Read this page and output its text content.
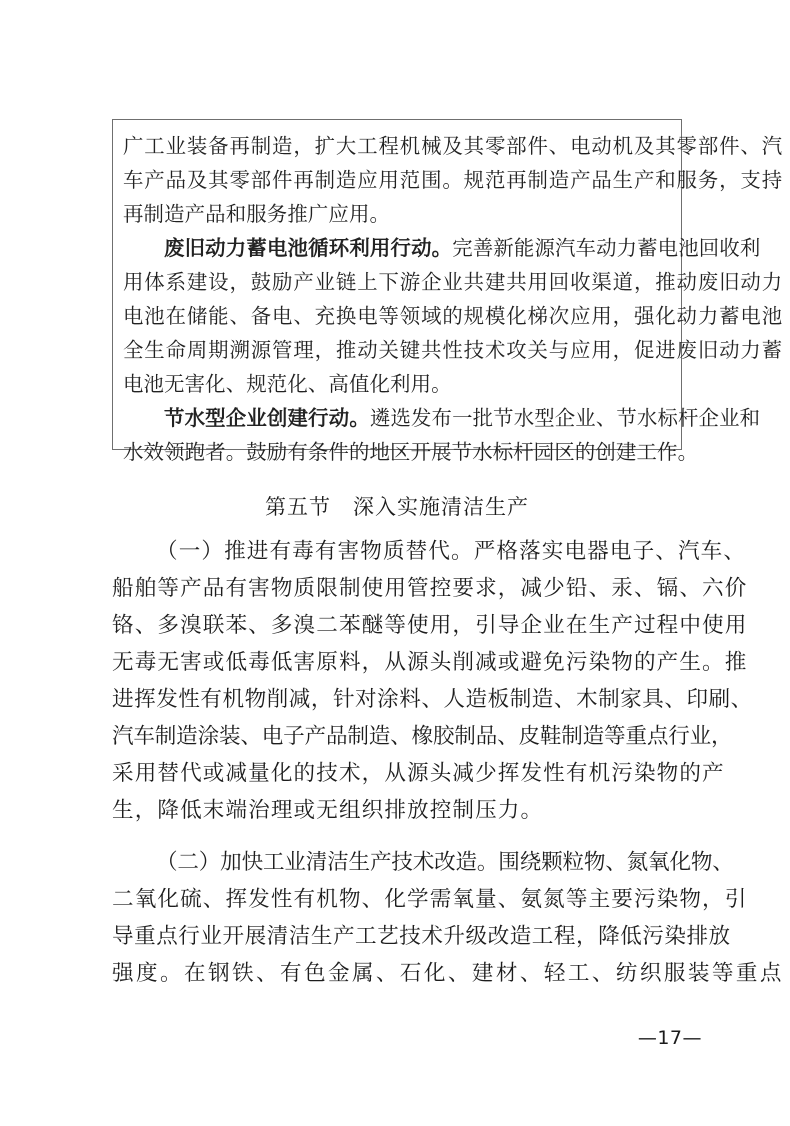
广工业装备再制造，扩大工程机械及其零部件、电动机及其零部件、汽
车产品及其零部件再制造应用范围。规范再制造产品生产和服务，支持
再制造产品和服务推广应用。
废旧动力蓄电池循环利用行动。完善新能源汽车动力蓄电池回收利
用体系建设，鼓励产业链上下游企业共建共用回收渠道，推动废旧动力
电池在储能、备电、充换电等领域的规模化梯次应用，强化动力蓄电池
全生命周期溯源管理，推动关键共性技术攻关与应用，促进废旧动力蓄
电池无害化、规范化、高值化利用。
节水型企业创建行动。遴选发布一批节水型企业、节水标杆企业和
水效领跑者。鼓励有条件的地区开展节水标杆园区的创建工作。
第五节 深入实施清洁生产
（一）推进有毒有害物质替代。严格落实电器电子、汽车、
船舶等产品有害物质限制使用管控要求，减少铅、汞、镉、六价
铬、多溴联苯、多溴二苯醚等使用，引导企业在生产过程中使用
无毒无害或低毒低害原料，从源头削减或避免污染物的产生。推
进挥发性有机物削减，针对涂料、人造板制造、木制家具、印刷、
汽车制造涂装、电子产品制造、橡胶制品、皮鞋制造等重点行业，
采用替代或减量化的技术，从源头减少挥发性有机污染物的产
生，降低末端治理或无组织排放控制压力。
（二）加快工业清洁生产技术改造。围绕颗粒物、氮氧化物、
二氧化硫、挥发性有机物、化学需氧量、氨氮等主要污染物，引
导重点行业开展清洁生产工艺技术升级改造工程，降低污染排放
强度。在钢铁、有色金属、石化、建材、轻工、纺织服装等重点
—17—
